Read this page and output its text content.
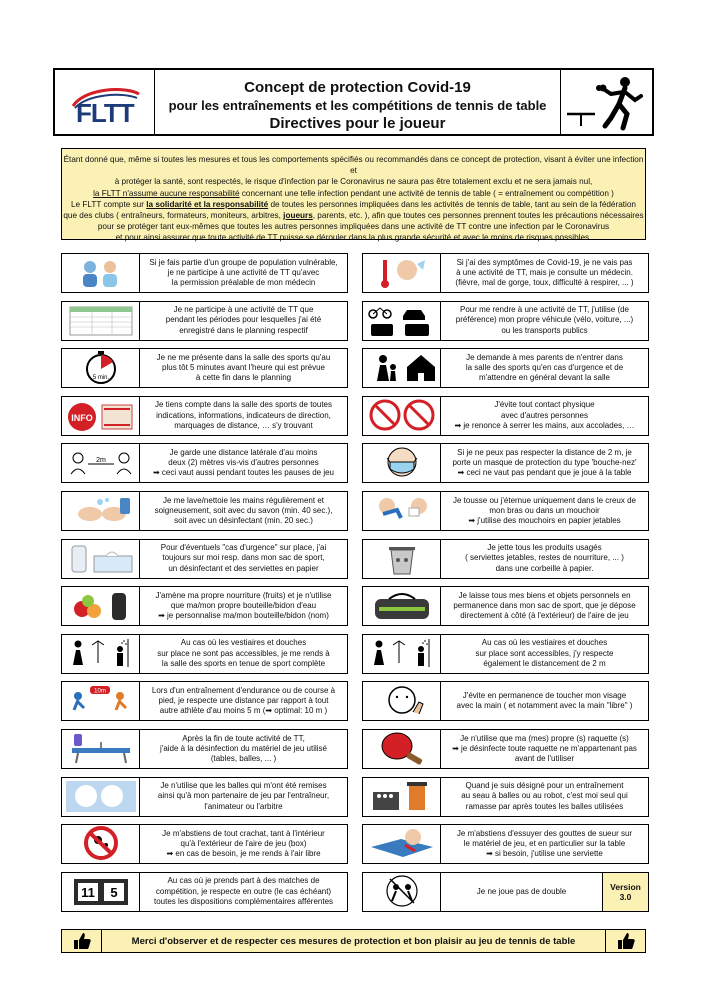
FLTT
Concept de protection Covid-19
pour les entraînements et les compétitions de tennis de table
Directives pour le joueur
Étant donné que, même si toutes les mesures et tous les comportements spécifiés ou recommandés dans ce concept de protection, visant à éviter une infection et
à protéger la santé, sont respectés, le risque d'infection par le Coronavirus ne saura pas être totalement exclu et ne sera jamais nul,
la FLTT n'assume aucune responsabilité concernant une telle infection pendant une activité de tennis de table ( = entraînement ou compétition )
Le FLTT compte sur la solidarité et la responsabilité de toutes les personnes impliquées dans les activités de tennis de table, tant au sein de la fédération
que des clubs ( entraîneurs, formateurs, moniteurs, arbitres, joueurs, parents, etc. ), afin que toutes ces personnes prennent toutes les précautions nécessaires
pour se protéger tant eux-mêmes que toutes les autres personnes impliquées dans une activité de TT contre une infection par le Coronavirus
et pour ainsi assurer que toute activité de TT puisse se dérouler dans la plus grande sécurité et avec le moins de risques possibles.
Si je fais partie d'un groupe de population vulnérable,
je ne participe à une activité de TT qu'avec
la permission préalable de mon médecin
Je ne participe à une activité de TT que
pendant les périodes pour lesquelles j'ai été
enregistré dans le planning respectif
5 min.
Je ne me présente dans la salle des sports qu'au
plus tôt 5 minutes avant l'heure qui est prévue
à cette fin dans le planning
INFO
Je tiens compte dans la salle des sports de toutes
indications, informations, indicateurs de direction,
marquages de distance, … s'y trouvant
2m
Je garde une distance latérale d'au moins
deux (2) mètres vis-vis d'autres personnes
➡ ceci vaut aussi pendant toutes les pauses de jeu
Je me lave/nettoie les mains régulièrement et
soigneusement, soit avec du savon (min. 40 sec.),
soit avec un désinfectant (min. 20 sec.)
Pour d'éventuels "cas d'urgence" sur place, j'ai
toujours sur moi resp. dans mon sac de sport,
un désinfectant et des serviettes en papier
J'amène ma propre nourriture (fruits) et je n'utilise
que ma/mon propre bouteille/bidon d'eau
➡ je personnalise ma/mon bouteille/bidon (nom)
Au cas où les vestiaires et douches
sur place ne sont pas accessibles, je me rends à
la salle des sports en tenue de sport complète
10m	Lors d'un entraînement d'endurance ou de course à
pied, je respecte une distance par rapport à tout
autre athlète d'au moins 5 m (➡ optimal: 10 m )
Après la fin de toute activité de TT,
j'aide à la désinfection du matériel de jeu utilisé
(tables, balles, ... )
Je n'utilise que les balles qui m'ont été remises
ainsi qu'à mon partenaire de jeu par l'entraîneur,
l'animateur ou l'arbitre
Je m'abstiens de tout crachat, tant à l'intérieur
qu'à l'extérieur de l'aire de jeu (box)
➡ en cas de besoin, je me rends à l'air libre
11 5
Au cas où je prends part à des matches de
compétition, je respecte en outre (le cas échéant)
toutes les dispositions complémentaires afférentes
Si j'ai des symptômes de Covid-19, je ne vais pas
à une activité de TT, mais je consulte un médecin.
(fièvre, mal de gorge, toux, difficulté à respirer, ... )
Pour me rendre à une activité de TT, j'utilise (de
préférence) mon propre véhicule (vélo, voiture, ...)
ou les transports publics
Je demande à mes parents de n'entrer dans
la salle des sports qu'en cas d'urgence et de
m'attendre en général devant la salle
J'évite tout contact physique
avec d'autres personnes
➡ je renonce à serrer les mains, aux accolades, …
Si je ne peux pas respecter la distance de 2 m, je
porte un masque de protection du type 'bouche-nez'
➡ ceci ne vaut pas pendant que je joue à la table
Je tousse ou j'éternue uniquement dans le creux de
mon bras ou dans un mouchoir
➡ j'utilise des mouchoirs en papier jetables
Je jette tous les produits usagés
( serviettes jetables, restes de nourriture, ... )
dans une corbeille à papier.
Je laisse tous mes biens et objets personnels en
permanence dans mon sac de sport, que je dépose
directement à côté (à l'extérieur) de l'aire de jeu
Au cas où les vestiaires et douches
sur place sont accessibles, j'y respecte
également le distancement de 2 m
J'évite en permanence de toucher mon visage
avec la main ( et notamment avec la main "libre" )
Je n'utilise que ma (mes) propre (s) raquette (s)
➡ je désinfecte toute raquette ne m'appartenant pas
avant de l'utiliser
Quand je suis désigné pour un entraînement
au seau à balles ou au robot, c'est moi seul qui
ramasse par après toutes les balles utilisées
Je m'abstiens d'essuyer des gouttes de sueur sur
le matériel de jeu, et en particulier sur la table
➡ si besoin, j'utilise une serviette
Je ne joue pas de double	Version
3.0
Merci d'observer et de respecter ces mesures de protection et bon plaisir au jeu de tennis de table
